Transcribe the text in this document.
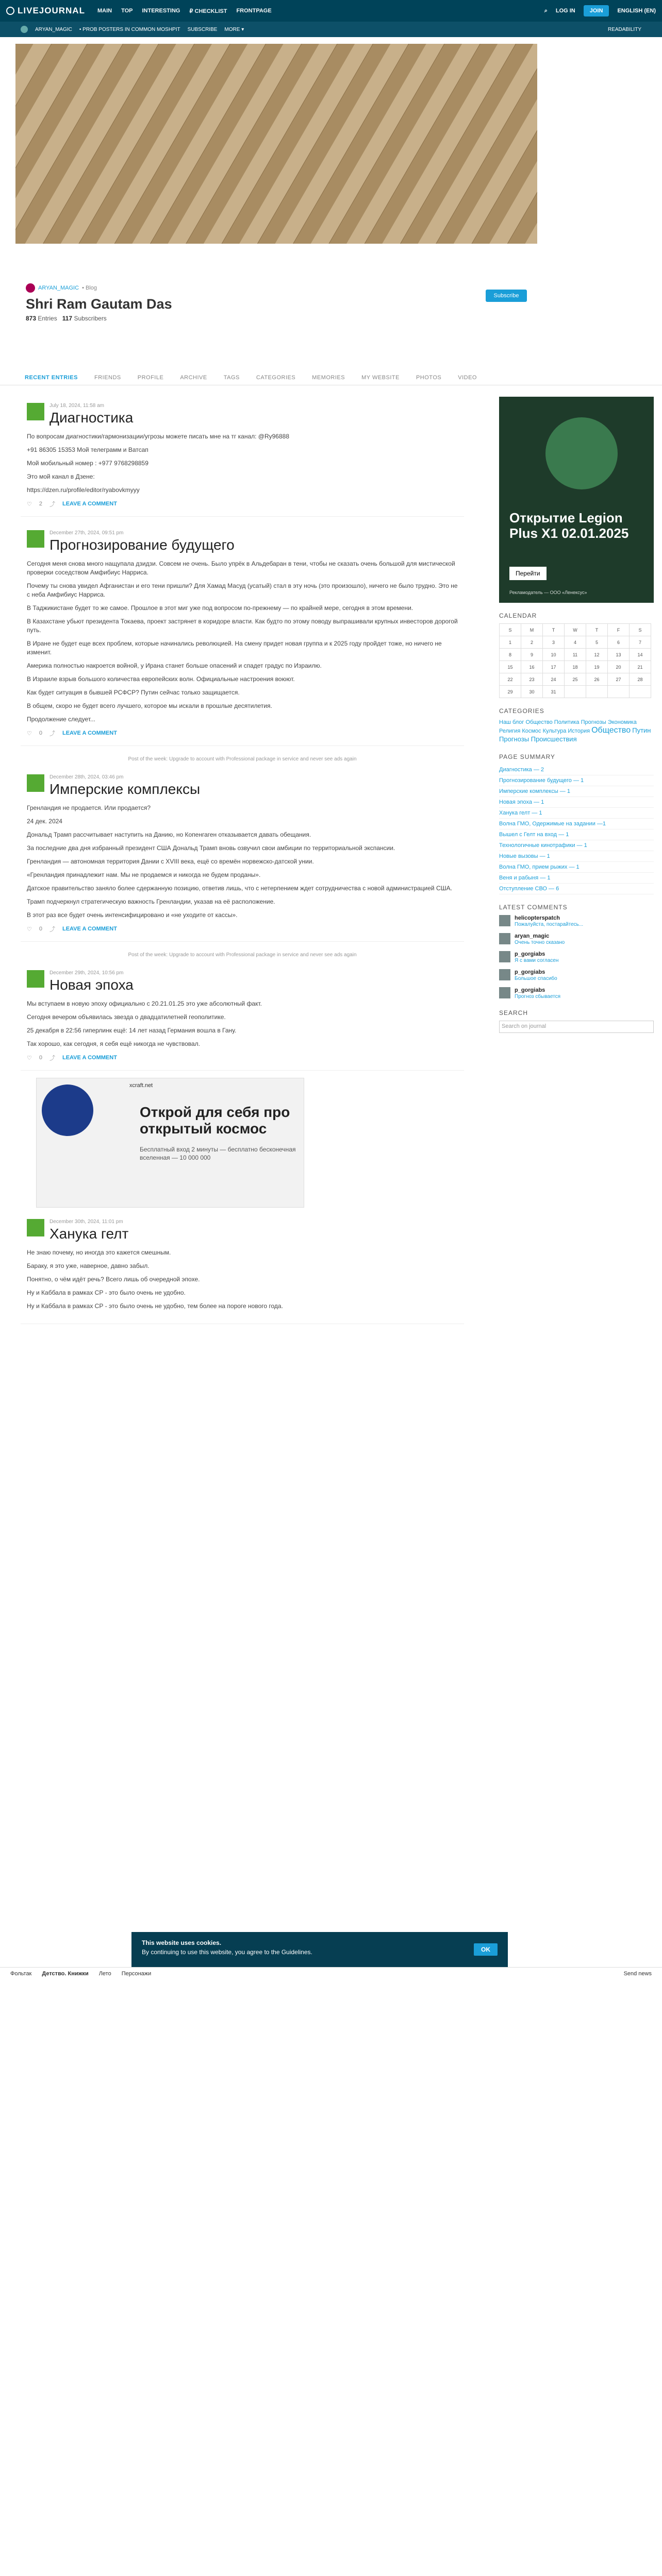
LIVEJOURNAL MAIN TOP INTERESTING ₽ CHECKLIST FRONTPAGE	⌕ LOG IN	JOIN	ENGLISH (EN)
ARYAN_MAGIC • PROB POSTERS IN COMMON MOSHPIT SUBSCRIBE MORE ▾	READABILITY
ARYAN_MAGIC • Blog
Shri Ram Gautam Das
873 Entries 117 Subscribers
Subscribe
RECENT ENTRIES	FRIENDS	PROFILE	ARCHIVE	TAGS	CATEGORIES	MEMORIES	MY WEBSITE	PHOTOS	VIDEO
July 18, 2024, 11:58 am
Диагностика

По вопросам диагностики/гармонизации/угрозы можете писать мне на тг канал: @Ry96888

+91 86305 15353 Мой телеграмм и Ватсап

Мой мобильный номер : +977 9768298859

Это мой канал в Дзене:

https://dzen.ru/profile/editor/ryabovkmyyy

♡ 2 ⤴ LEAVE A COMMENT
December 27th, 2024, 09:51 pm
Прогнозирование будущего

Сегодня меня снова много нащупала дзидзи. Совсем не очень. Было упрёк в Альдебаран в тени, чтобы не сказать очень большой для мистической проверки соседством Амфибиус Нарриса.

Почему ты снова увидел Афганистан и его тени пришли? Для Хамад Масуд (усатый) стал в эту ночь (это произошло), ничего не было трудно. Это не с неба Амфибиус Нарриса.

В Таджикистане будет то же самое. Прошлое в этот миг уже под вопросом по-прежнему — по крайней мере, сегодня в этом времени.

В Казахстане убьют президента Токаева, проект застрянет в коридоре власти. Как будто по этому поводу выпрашивали крупных инвесторов дорогой путь.

В Иране не будет еще всех проблем, которые начинались революцией. На смену придет новая группа и к 2025 году пройдет тоже, но ничего не изменит.

Америка полностью накроется войной, у Ирана станет больше опасений и спадет градус по Израилю.

В Израиле взрыв большого количества европейских волн. Официальные настроения воюют.

Как будет ситуация в бывшей РСФСР? Путин сейчас только защищается.

В общем, скоро не будет всего лучшего, которое мы искали в прошлые десятилетия.

Продолжение следует...

♡ 0 ⤴ LEAVE A COMMENT
Post of the week: Upgrade to account with Professional package in service and never see ads again
December 28th, 2024, 03:46 pm
Имперские комплексы

Гренландия не продается. Или продается?

24 дек. 2024

Дональд Трамп рассчитывает наступить на Данию, но Копенгаген отказывается давать обещания.

За последние два дня избранный президент США Дональд Трамп вновь озвучил свои амбиции по территориальной экспансии.

Гренландия — автономная территория Дании с XVIII века, ещё со времён норвежско-датской унии.

«Гренландия принадлежит нам. Мы не продаемся и никогда не будем проданы».

Датское правительство заняло более сдержанную позицию, ответив лишь, что с нетерпением ждет сотрудничества с новой администрацией США.

Трамп подчеркнул стратегическую важность Гренландии, указав на её расположение.

В этот раз все будет очень интенсифицировано и «не уходите от кассы».

♡ 0 ⤴ LEAVE A COMMENT
Post of the week: Upgrade to account with Professional package in service and never see ads again
December 29th, 2024, 10:56 pm
Новая эпоха

Мы вступаем в новую эпоху официально с 20.21.01.25 это уже абсолютный факт.

Сегодня вечером объявилась звезда о двадцатилетней геополитике.

25 декабря в 22:56 гиперлинк ещё: 14 лет назад Германия вошла в Гану.

Так хорошо, как сегодня, я себя ещё никогда не чувствовал.

♡ 0 ⤴ LEAVE A COMMENT
xcraft.net
Открой для себя про открытый космос
Бесплатный вход 2 минуты — бесплатно бесконечная вселенная — 10 000 000
December 30th, 2024, 11:01 pm
Ханука гелт

Не знаю почему, но иногда это кажется смешным.

Бараку, я это уже, наверное, давно забыл.

Понятно, о чём идёт речь? Всего лишь об очередной эпохе.

Ну и Каббала в рамках СР - это было очень не удобно.

Ну и Каббала в рамках СР - это было очень не удобно, тем более на пороге нового года.

Открытие Legion Plus X1 02.01.2025
Перейти
Рекламодатель — ООО «Ленексус»
CALENDAR
S	M	T	W	T	F	S
1	2	3	4	5	6	7
8	9	10	11	12	13	14
15	16	17	18	19	20	21
22	23	24	25	26	27	28
29	30	31				
CATEGORIES
Наш блог Общество Политика Прогнозы Экономика Религия Космос Культура История Общество Путин Прогнозы Происшествия
PAGE SUMMARY
Диагностика — 2
Прогнозирование будущего — 1
Имперские комплексы — 1
Новая эпоха — 1
Ханука гелт — 1
Волна ГМО, Одержимые на задании —1
Вышел с Гелт на вход — 1
Технологичные кинотрафики — 1
Новые вызовы — 1
Волна ГМО, прием рыжих — 1
Веня и рабыня — 1
Отступление СВО — 6
LATEST COMMENTS
helicopterspatch
Пожалуйста, постарайтесь...
aryan_magic
Очень точно сказано
p_gorgiabs
Я с вами согласен
p_gorgiabs
Большое спасибо
p_gorgiabs
Прогноз сбывается
SEARCH
Search on journal
This website uses cookies.
By continuing to use this website, you agree to the Guidelines.	OK
Фольтак Детство. Книжки Лето Персонажи	Send news
